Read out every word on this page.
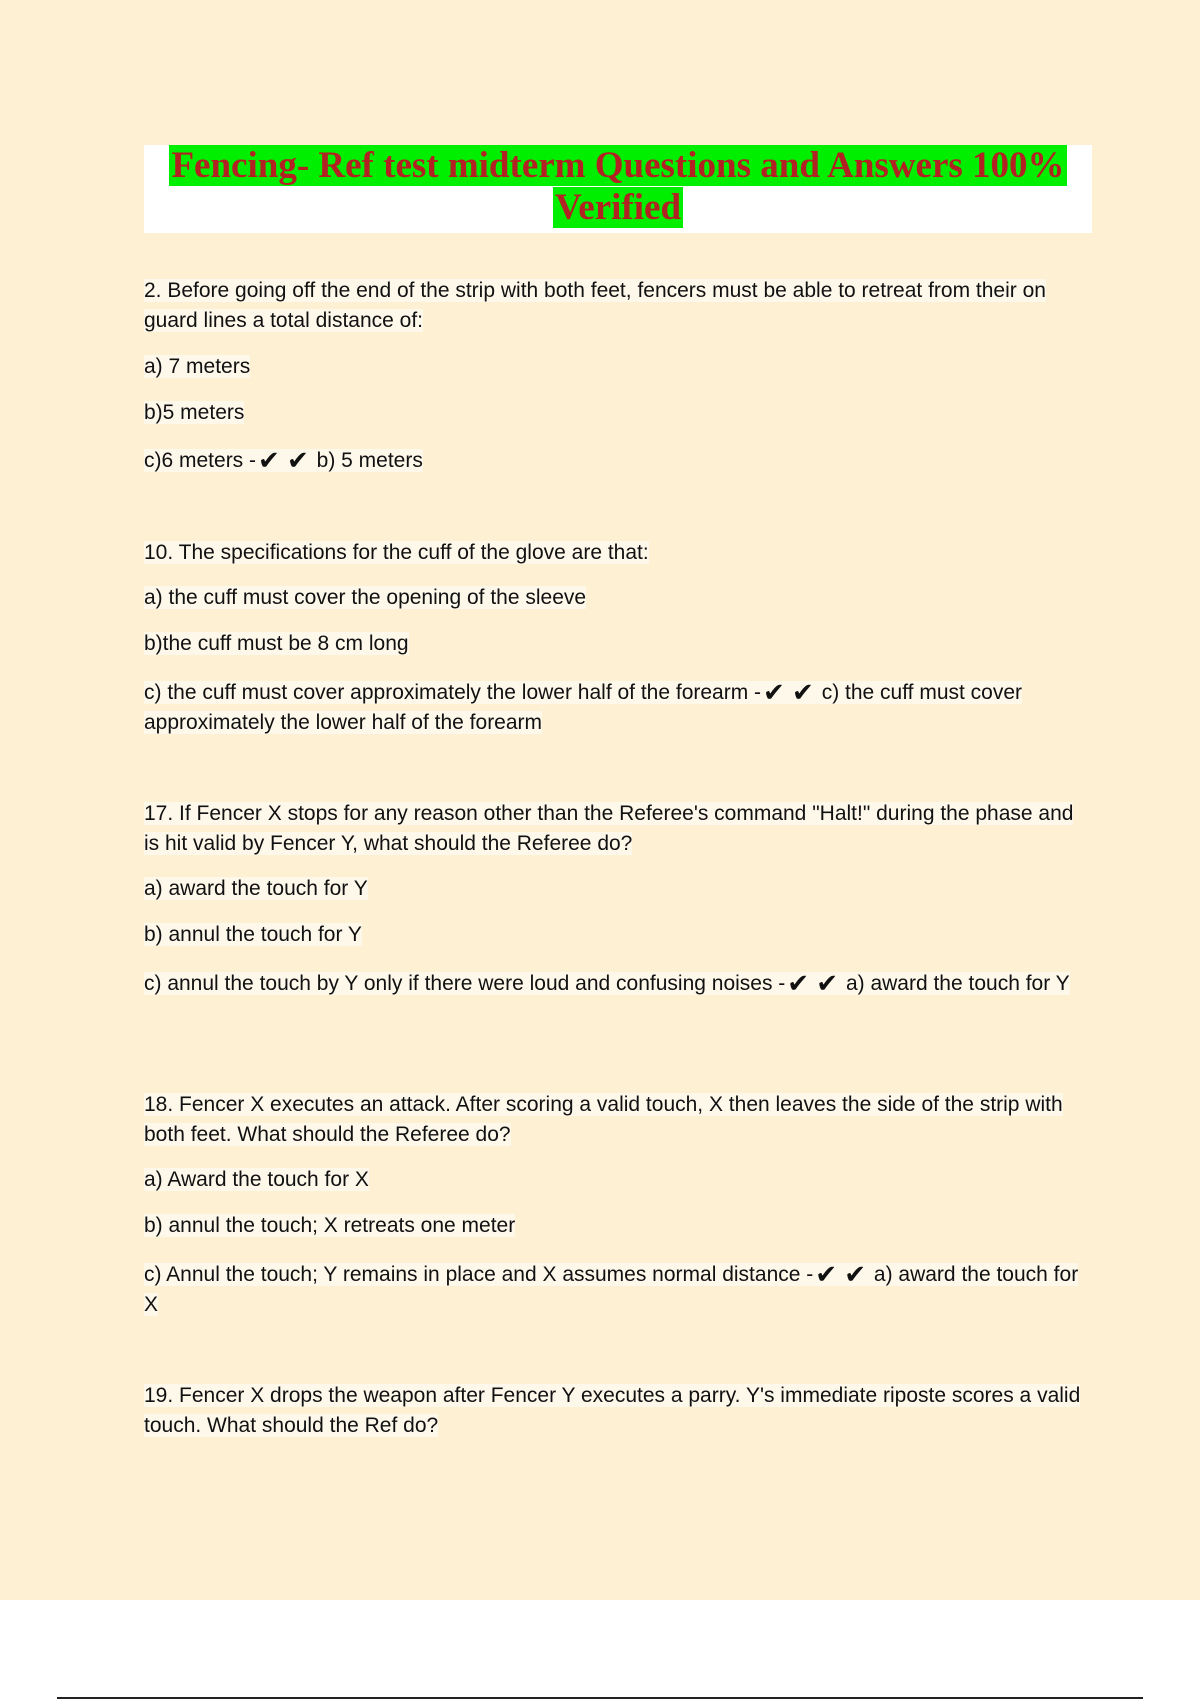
Fencing- Ref test midterm Questions and Answers 100% Verified
2. Before going off the end of the strip with both feet, fencers must be able to retreat from their on guard lines a total distance of:
a) 7 meters
b)5 meters
c)6 meters -✔ ✔ b) 5 meters
10. The specifications for the cuff of the glove are that:
a) the cuff must cover the opening of the sleeve
b)the cuff must be 8 cm long
c) the cuff must cover approximately the lower half of the forearm -✔ ✔ c) the cuff must cover approximately the lower half of the forearm
17. If Fencer X stops for any reason other than the Referee's command "Halt!" during the phase and is hit valid by Fencer Y, what should the Referee do?
a) award the touch for Y
b) annul the touch for Y
c) annul the touch by Y only if there were loud and confusing noises -✔ ✔ a) award the touch for Y
18. Fencer X executes an attack. After scoring a valid touch, X then leaves the side of the strip with both feet. What should the Referee do?
a) Award the touch for X
b) annul the touch; X retreats one meter
c) Annul the touch; Y remains in place and X assumes normal distance -✔ ✔ a) award the touch for X
19. Fencer X drops the weapon after Fencer Y executes a parry. Y's immediate riposte scores a valid touch. What should the Ref do?
